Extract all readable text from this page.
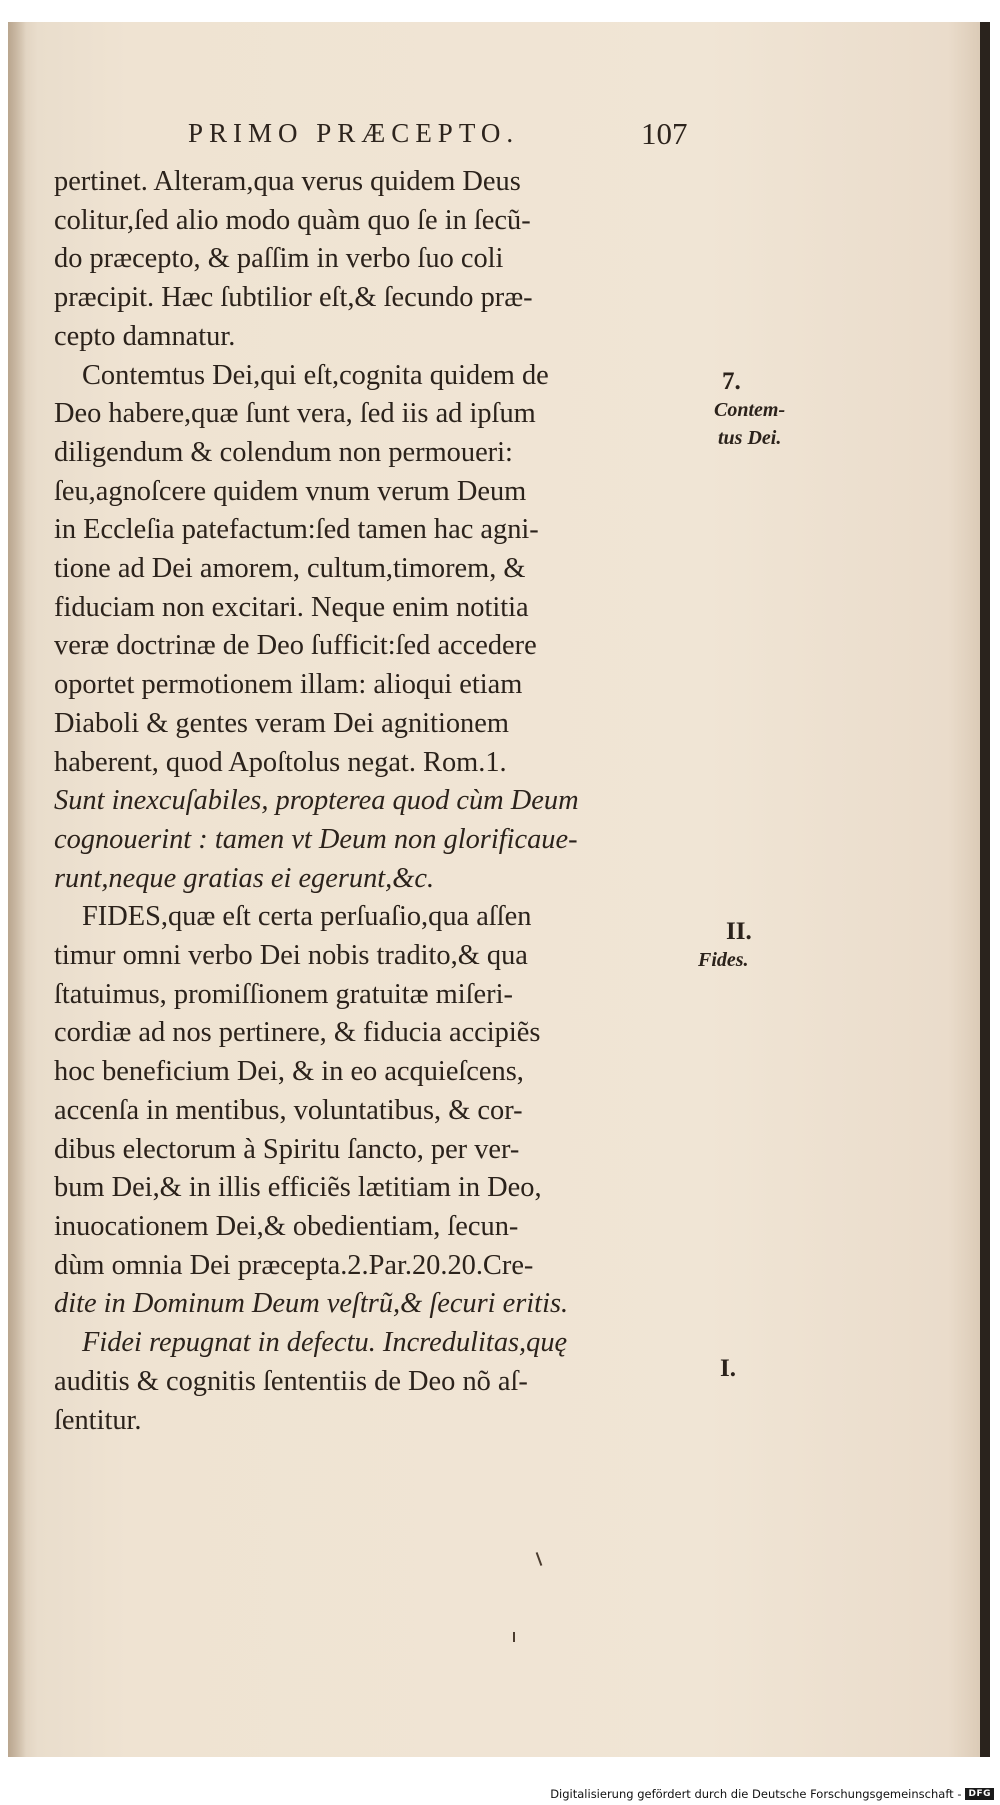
PRIMO PRÆCEPTO.	107
pertinet. Alteram,qua verus quidem Deus
colitur,ſed alio modo quàm quo ſe in ſecũ-
do præcepto, & paſſim in verbo ſuo coli
præcipit. Hæc ſubtilior eſt,& ſecundo præ-
cepto damnatur.
Contemtus Dei,qui eſt,cognita quidem de
Deo habere,quæ ſunt vera, ſed iis ad ipſum
diligendum & colendum non permoueri:
ſeu,agnoſcere quidem vnum verum Deum
in Eccleſia patefactum:ſed tamen hac agni-
tione ad Dei amorem, cultum,timorem, &
fiduciam non excitari. Neque enim notitia
veræ doctrinæ de Deo ſufficit:ſed accedere
oportet permotionem illam: alioqui etiam
Diaboli & gentes veram Dei agnitionem
haberent, quod Apoſtolus negat. Rom.1.
Sunt inexcuſabiles, propterea quod cùm Deum
cognouerint : tamen vt Deum non glorificaue-
runt,neque gratias ei egerunt,&c.
FIDES,quæ eſt certa perſuaſio,qua aſſen
timur omni verbo Dei nobis tradito,& qua
ſtatuimus, promiſſionem gratuitæ miſeri-
cordiæ ad nos pertinere, & fiducia accipiẽs
hoc beneficium Dei, & in eo acquieſcens,
accenſa in mentibus, voluntatibus, & cor-
dibus electorum à Spiritu ſancto, per ver-
bum Dei,& in illis efficiẽs lætitiam in Deo,
inuocationem Dei,& obedientiam, ſecun-
dùm omnia Dei præcepta.2.Par.20.20.Cre-
dite in Dominum Deum veſtrũ,& ſecuri eritis.
Fidei repugnat in defectu. Incredulitas,quę
auditis & cognitis ſententiis de Deo nõ aſ-
ſentitur.
7.
Contem-
tus Dei.
II.
Fides.
I.
Digitalisierung gefördert durch die Deutsche Forschungsgemeinschaft - DFG
